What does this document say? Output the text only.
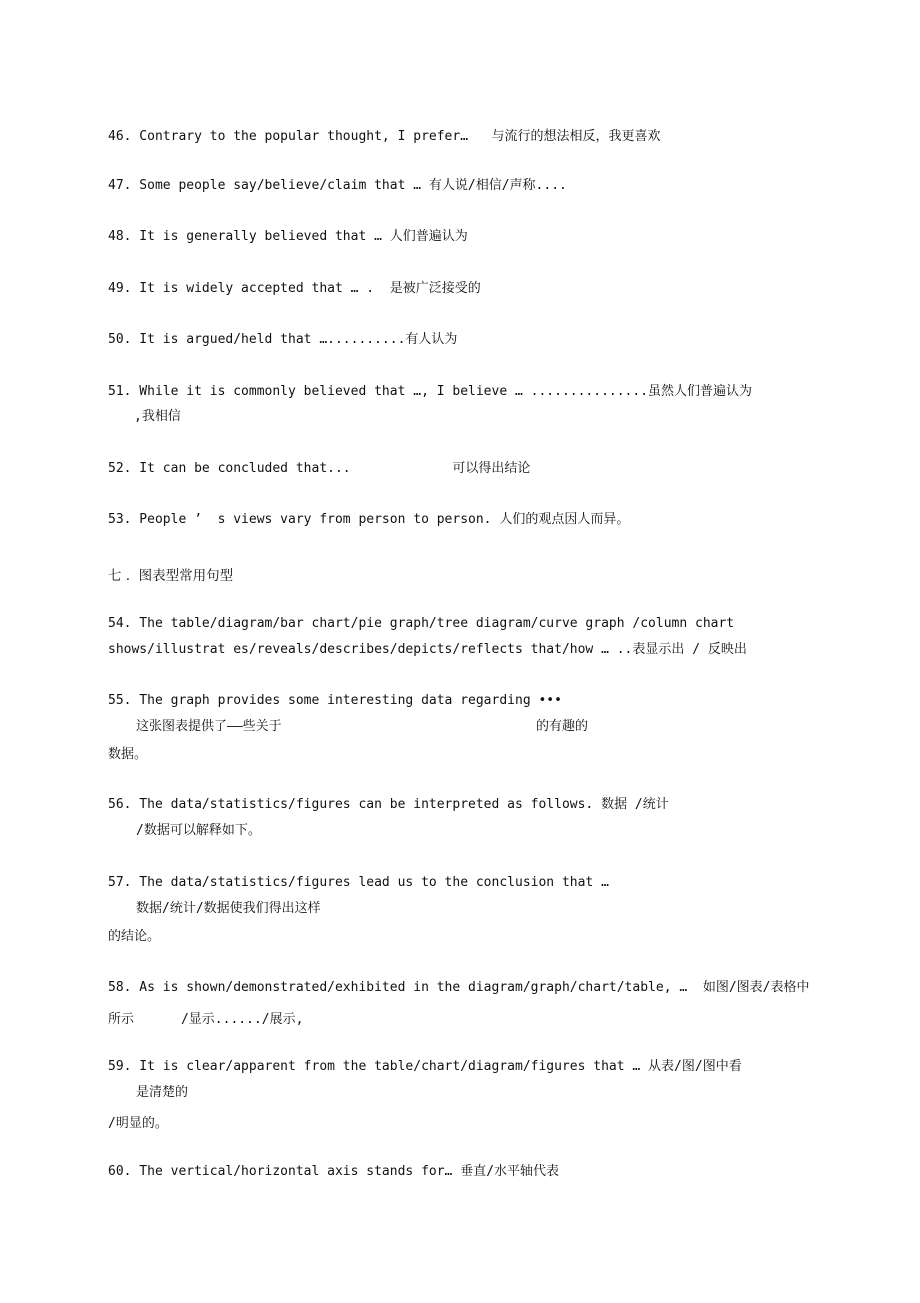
46. Contrary to the popular thought, I prefer…   与流行的想法相反，我更喜欢
47. Some people say/believe/claim that … 有人说/相信/声称....
48. It is generally believed that … 人们普遍认为
49. It is widely accepted that … .  是被广泛接受的
50. It is argued/held that …..........有人认为
51. While it is commonly believed that …, I believe … ...............虽然人们普遍认为
,我相信
52. It can be concluded that...             可以得出结论
53. People ’  s views vary from person to person. 人们的观点因人而异。
七 .  图表型常用句型
54. The table/diagram/bar chart/pie graph/tree diagram/curve graph /column chart
shows/illustrat es/reveals/describes/depicts/reflects that/how … ..表显示出 / 反映出
55. The graph provides some interesting data regarding •••
这张图表提供了——些关于	的有趣的
数据。
56. The data/statistics/figures can be interpreted as follows. 数据 /统计
/数据可以解释如下。
57. The data/statistics/figures lead us to the conclusion that …
数据/统计/数据使我们得出这样
的结论。
58. As is shown/demonstrated/exhibited in the diagram/graph/chart/table, …  如图/图表/表格中
所示      /显示....../展示,
59. It is clear/apparent from the table/chart/diagram/figures that … 从表/图/图中看
是清楚的
/明显的。
60. The vertical/horizontal axis stands for… 垂直/水平轴代表
